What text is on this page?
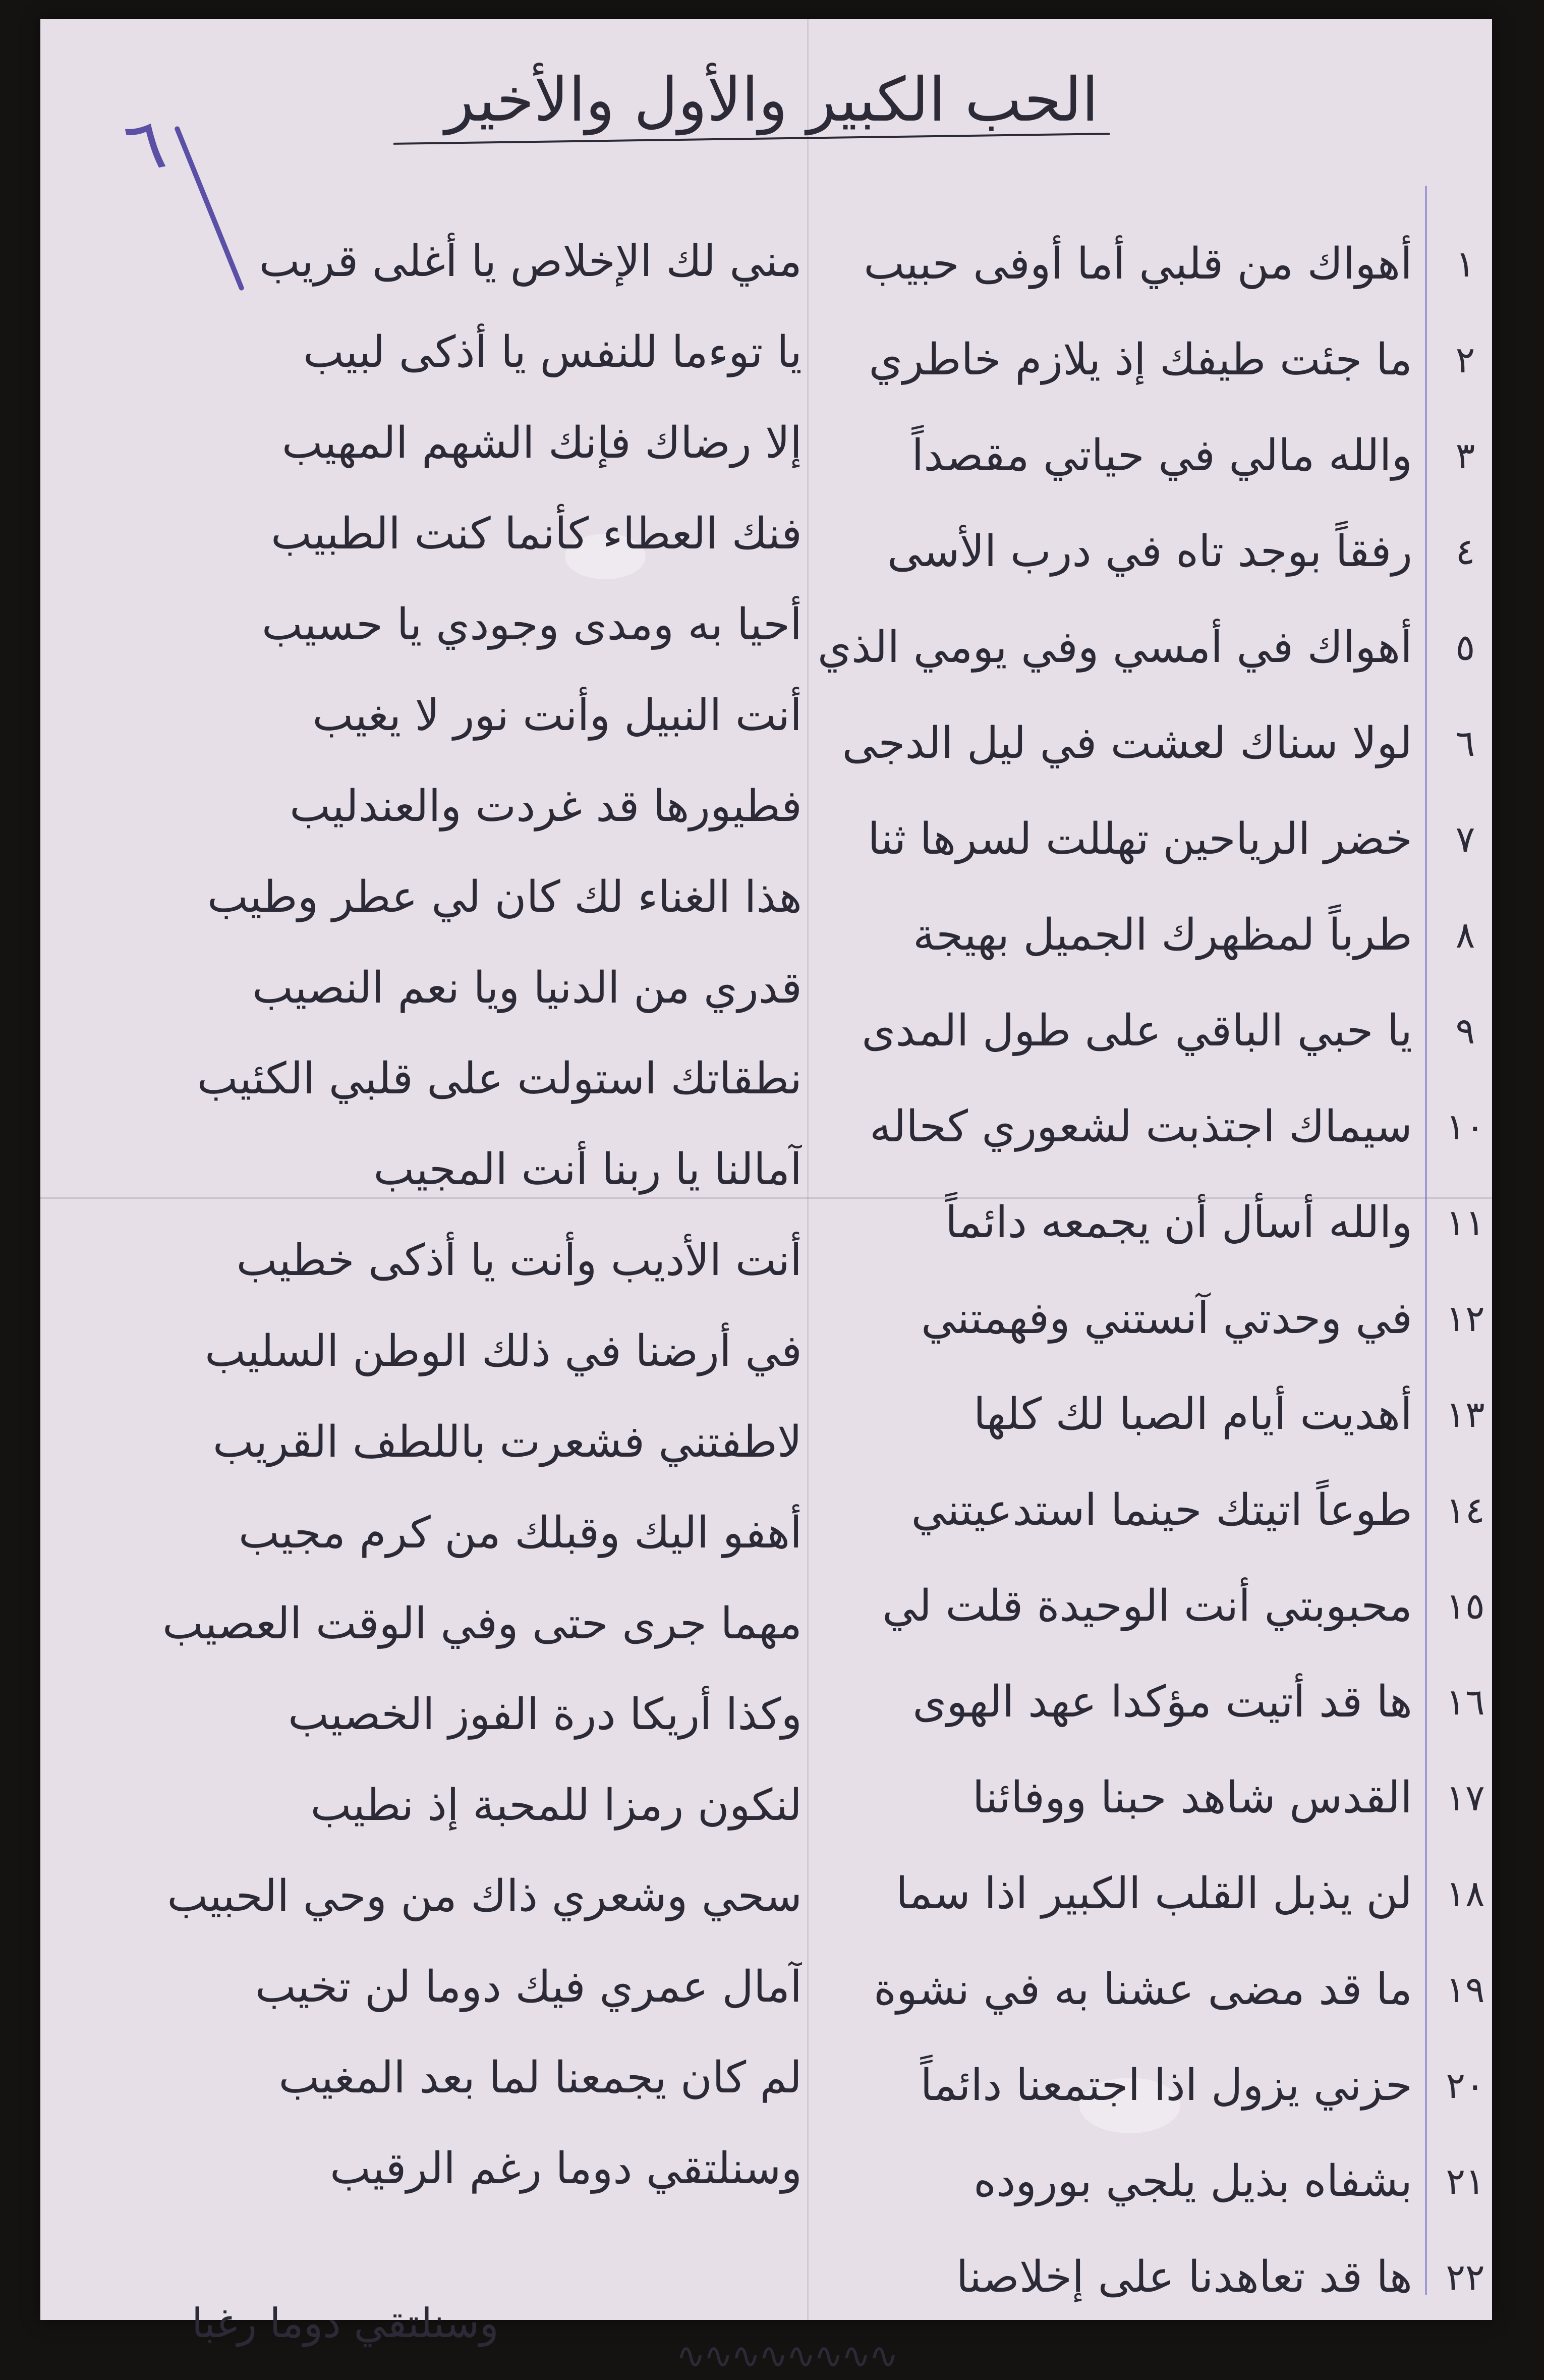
٦
الحب الكبير والأول والأخير
١
٢
٣
٤
٥
٦
٧
٨
٩
١٠
١١
١٢
١٣
١٤
١٥
١٦
١٧
١٨
١٩
٢٠
٢١
٢٢
أهواك من قلبي أما أوفى حبيب
ما جئت طيفك إذ يلازم خاطري
والله مالي في حياتي مقصداً
رفقاً بوجد تاه في درب الأسى
أهواك في أمسي وفي يومي الذي
لولا سناك لعشت في ليل الدجى
خضر الرياحين تهللت لسرها ثنا
طرباً لمظهرك الجميل بهيجة
يا حبي الباقي على طول المدى
سيماك اجتذبت لشعوري كحاله
والله أسأل أن يجمعه دائماً
في وحدتي آنستني وفهمتني
أهديت أيام الصبا لك كلها
طوعاً اتيتك حينما استدعيتني
محبوبتي أنت الوحيدة قلت لي
ها قد أتيت مؤكدا عهد الهوى
القدس شاهد حبنا ووفائنا
لن يذبل القلب الكبير اذا سما
ما قد مضى عشنا به في نشوة
حزني يزول اذا اجتمعنا دائماً
بشفاه بذيل يلجي بوروده
ها قد تعاهدنا على إخلاصنا
مني لك الإخلاص يا أغلى قريب
يا توءما للنفس يا أذكى لبيب
إلا رضاك فإنك الشهم المهيب
فنك العطاء كأنما كنت الطبيب
أحيا به ومدى وجودي يا حسيب
أنت النبيل وأنت نور لا يغيب
فطيورها قد غردت والعندليب
هذا الغناء لك كان لي عطر وطيب
قدري من الدنيا ويا نعم النصيب
نطقاتك استولت على قلبي الكئيب
آمالنا يا ربنا أنت المجيب
أنت الأديب وأنت يا أذكى خطيب
في أرضنا في ذلك الوطن السليب
لاطفتني فشعرت باللطف القريب
أهفو اليك وقبلك من كرم مجيب
مهما جرى حتى وفي الوقت العصيب
وكذا أريكا درة الفوز الخصيب
لنكون رمزا للمحبة إذ نطيب
سحي وشعري ذاك من وحي الحبيب
آمال عمري فيك دوما لن تخيب
لم كان يجمعنا لما بعد المغيب
وسنلتقي دوما رغم الرقيب
وسنلتقي دوما رغبا
∿∿∿∿∿∿∿∿
